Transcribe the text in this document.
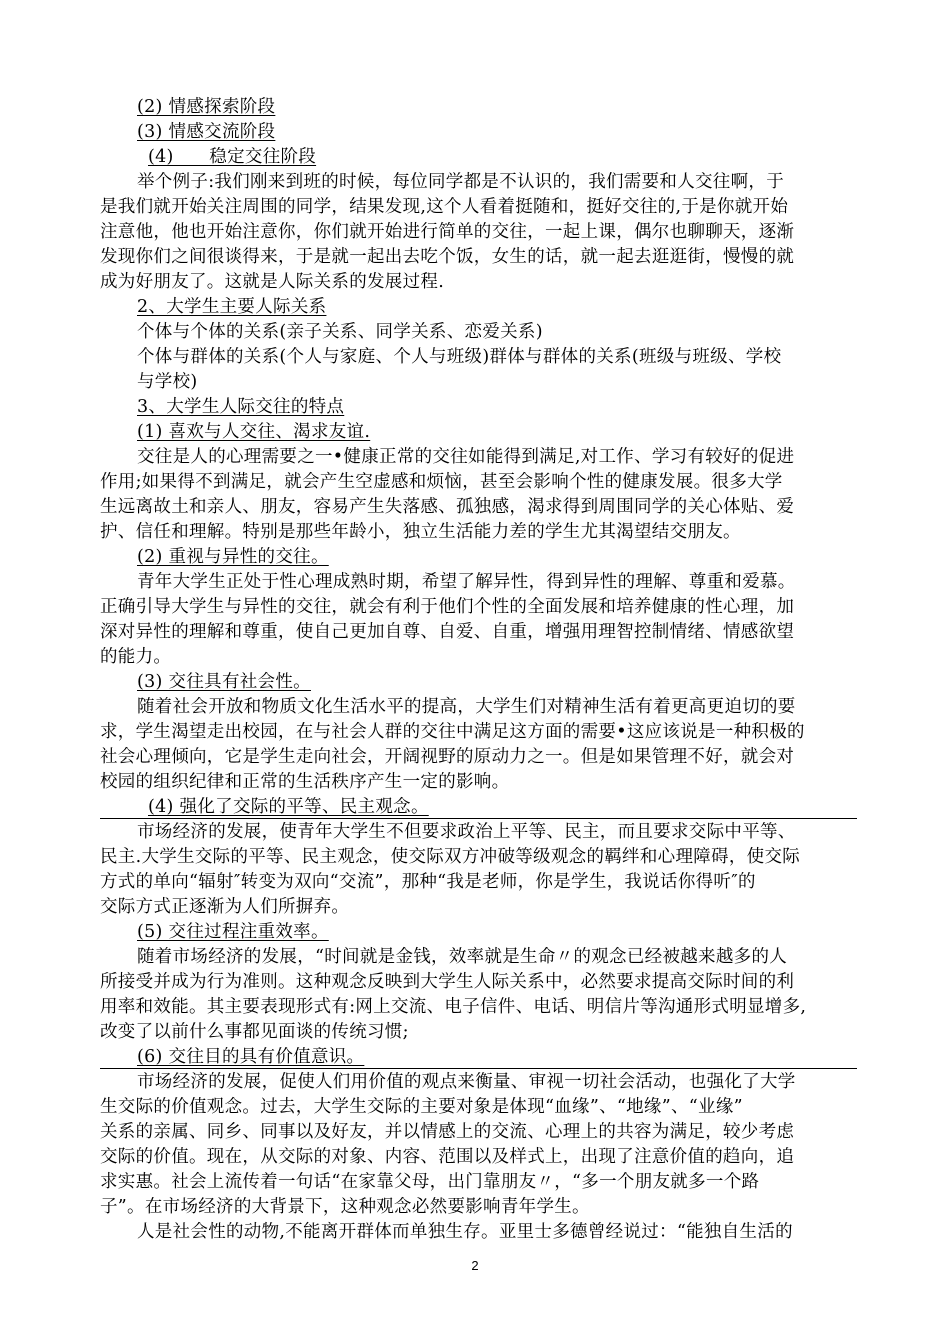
(2) 情感探索阶段
(3) 情感交流阶段
(4)　　稳定交往阶段
举个例子:我们刚来到班的时候，每位同学都是不认识的，我们需要和人交往啊，于
是我们就开始关注周围的同学，结果发现,这个人看着挺随和，挺好交往的,于是你就开始
注意他，他也开始注意你，你们就开始进行简单的交往，一起上课，偶尔也聊聊天，逐渐
发现你们之间很谈得来，于是就一起出去吃个饭，女生的话，就一起去逛逛街，慢慢的就
成为好朋友了。这就是人际关系的发展过程.
2、大学生主要人际关系
个体与个体的关系(亲子关系、同学关系、恋爱关系)
个体与群体的关系(个人与家庭、个人与班级)群体与群体的关系(班级与班级、学校
与学校)
3、大学生人际交往的特点
(1) 喜欢与人交往、渴求友谊.
交往是人的心理需要之一•健康正常的交往如能得到满足,对工作、学习有较好的促进
作用;如果得不到满足，就会产生空虚感和烦恼，甚至会影响个性的健康发展。很多大学
生远离故土和亲人、朋友，容易产生失落感、孤独感，渴求得到周围同学的关心体贴、爱
护、信任和理解。特别是那些年龄小，独立生活能力差的学生尤其渴望结交朋友。
(2) 重视与异性的交往。
青年大学生正处于性心理成熟时期，希望了解异性，得到异性的理解、尊重和爱慕。
正确引导大学生与异性的交往，就会有利于他们个性的全面发展和培养健康的性心理，加
深对异性的理解和尊重，使自己更加自尊、自爱、自重，增强用理智控制情绪、情感欲望
的能力。
(3) 交往具有社会性。
随着社会开放和物质文化生活水平的提高，大学生们对精神生活有着更高更迫切的要
求，学生渴望走出校园，在与社会人群的交往中满足这方面的需要•这应该说是一种积极的
社会心理倾向，它是学生走向社会，开阔视野的原动力之一。但是如果管理不好，就会对
校园的组织纪律和正常的生活秩序产生一定的影响。
(4) 强化了交际的平等、民主观念。
市场经济的发展，使青年大学生不但要求政治上平等、民主，而且要求交际中平等、
民主.大学生交际的平等、民主观念，使交际双方冲破等级观念的羁绊和心理障碍，使交际
方式的单向“辐射″转变为双向“交流”，那种“我是老师，你是学生，我说话你得听″的
交际方式正逐渐为人们所摒弃。
(5) 交往过程注重效率。
随着市场经济的发展，“时间就是金钱，效率就是生命〃的观念已经被越来越多的人
所接受并成为行为准则。这种观念反映到大学生人际关系中，必然要求提高交际时间的利
用率和效能。其主要表现形式有:网上交流、电子信件、电话、明信片等沟通形式明显增多,
改变了以前什么事都见面谈的传统习惯;
(6) 交往目的具有价值意识。
市场经济的发展，促使人们用价值的观点来衡量、审视一切社会活动，也强化了大学
生交际的价值观念。过去，大学生交际的主要对象是体现“血缘”、“地缘”、“业缘”
关系的亲属、同乡、同事以及好友，并以情感上的交流、心理上的共容为满足，较少考虑
交际的价值。现在，从交际的对象、内容、范围以及样式上，出现了注意价值的趋向，追
求实惠。社会上流传着一句话“在家靠父母，出门靠朋友〃，“多一个朋友就多一个路
子”。在市场经济的大背景下，这种观念必然要影响青年学生。
人是社会性的动物,不能离开群体而单独生存。亚里士多德曾经说过：“能独自生活的
2
